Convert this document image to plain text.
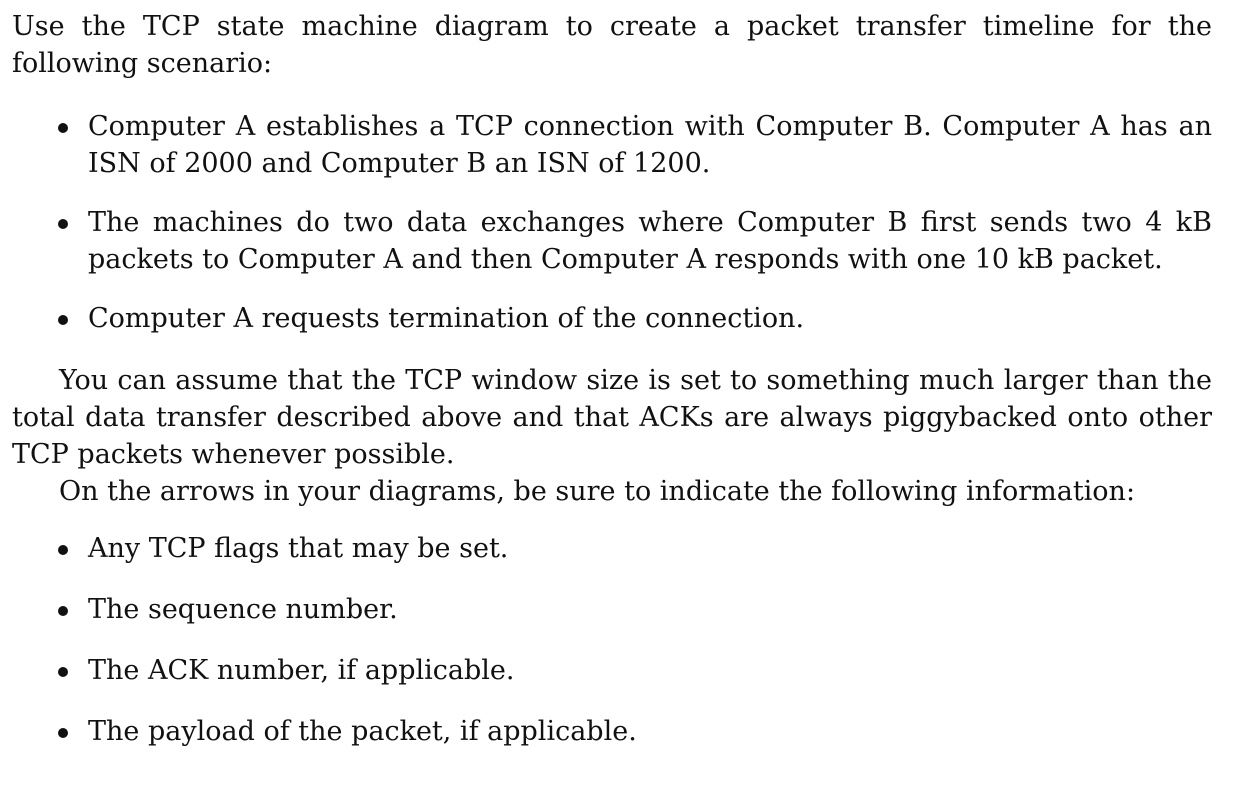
Use the TCP state machine diagram to create a packet transfer timeline for the following scenario:

Computer A establishes a TCP connection with Computer B. Computer A has an ISN of 2000 and Computer B an ISN of 1200.
The machines do two data exchanges where Computer B first sends two 4 kB packets to Computer A and then Computer A responds with one 10 kB packet.
Computer A requests termination of the connection.

You can assume that the TCP window size is set to something much larger than the total data transfer described above and that ACKs are always piggybacked onto other TCP packets whenever possible.

On the arrows in your diagrams, be sure to indicate the following information:

Any TCP flags that may be set.
The sequence number.
The ACK number, if applicable.
The payload of the packet, if applicable.
